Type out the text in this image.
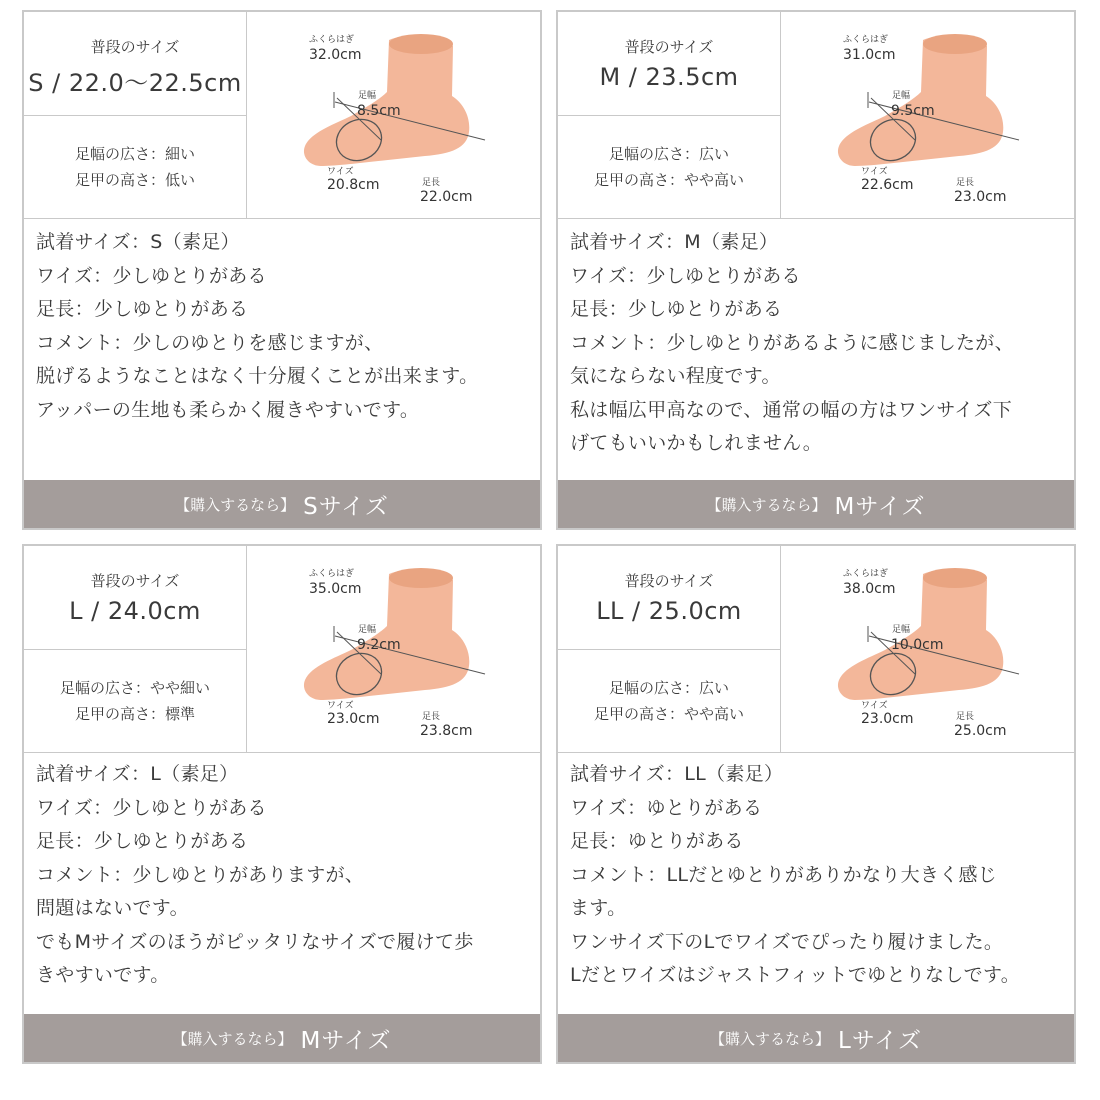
普段のサイズ
S / 22.0～22.5cm
足幅の広さ：細い
足甲の高さ：低い
ふくらはぎ
32.0cm
足幅
8.5cm
ワイズ
20.8cm	足長
22.0cm
試着サイズ：S（素足）
ワイズ：少しゆとりがある
足長：少しゆとりがある
コメント：少しのゆとりを感じますが、
脱げるようなことはなく十分履くことが出来ます。
アッパーの生地も柔らかく履きやすいです。
【購入するなら】 Sサイズ
普段のサイズ
M / 23.5cm
足幅の広さ：広い
足甲の高さ：やや高い
ふくらはぎ
31.0cm
足幅
9.5cm
ワイズ
22.6cm	足長
23.0cm
試着サイズ：M（素足）
ワイズ：少しゆとりがある
足長：少しゆとりがある
コメント：少しゆとりがあるように感じましたが、
気にならない程度です。
私は幅広甲高なので、通常の幅の方はワンサイズ下
げてもいいかもしれません。
【購入するなら】 Mサイズ
普段のサイズ
L / 24.0cm
足幅の広さ：やや細い
足甲の高さ：標準
ふくらはぎ
35.0cm
足幅
9.2cm
ワイズ
23.0cm	足長
23.8cm
試着サイズ：L（素足）
ワイズ：少しゆとりがある
足長：少しゆとりがある
コメント：少しゆとりがありますが、
問題はないです。
でもMサイズのほうがピッタリなサイズで履けて歩
きやすいです。
【購入するなら】 Mサイズ
普段のサイズ
LL / 25.0cm
足幅の広さ：広い
足甲の高さ：やや高い
ふくらはぎ
38.0cm
足幅
10.0cm
ワイズ
23.0cm	足長
25.0cm
試着サイズ：LL（素足）
ワイズ：ゆとりがある
足長：ゆとりがある
コメント：LLだとゆとりがありかなり大きく感じ
ます。
ワンサイズ下のLでワイズでぴったり履けました。
Lだとワイズはジャストフィットでゆとりなしです。
【購入するなら】 Lサイズ
